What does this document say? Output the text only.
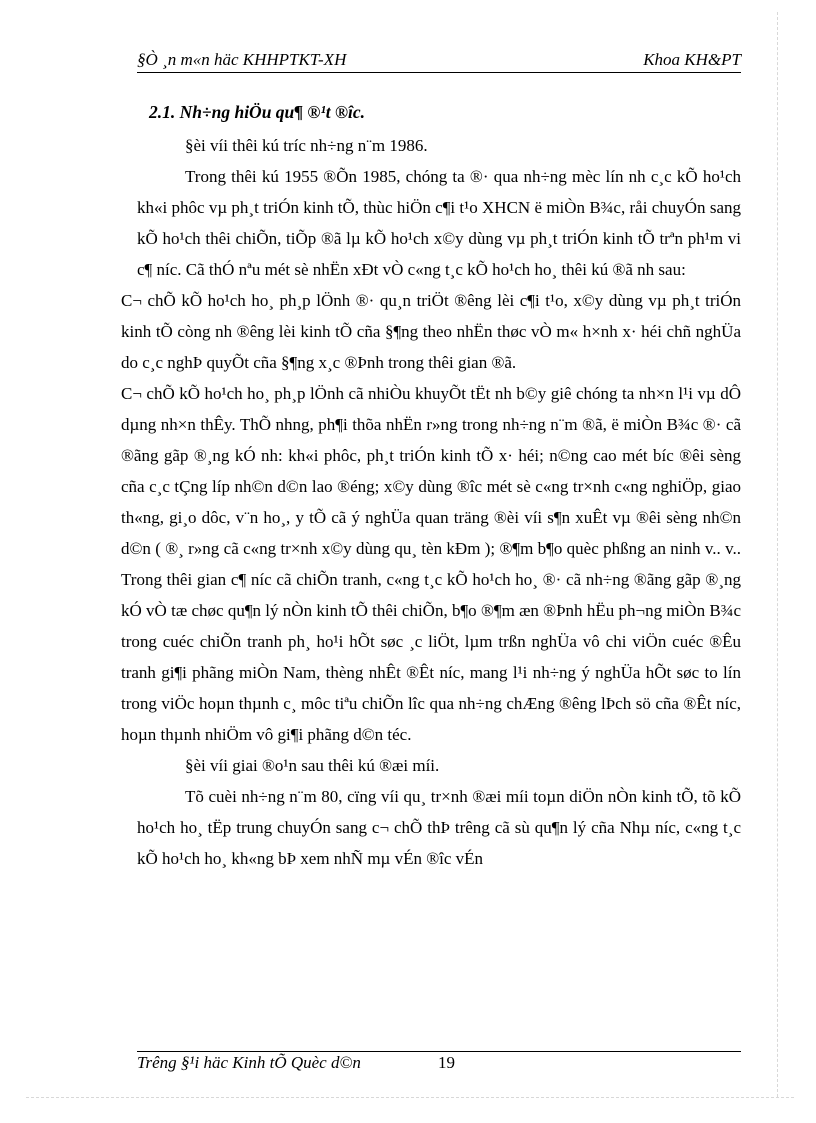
§Ò ¸n m«n häc KHHPTKT-XH	Khoa KH&PT
2.1. Nh÷ng hiÖu qu¶ ®¹t ®îc.

§èi víi thêi kú tríc nh÷ng n¨m 1986.

Trong thêi kú 1955 ®Õn 1985, chóng ta ®· qua nh÷ng mèc lín nh c¸c kÕ ho¹ch kh«i phôc vµ ph¸t triÓn kinh tÕ, thùc hiÖn c¶i t¹o XHCN ë miÒn B¾c, råi chuyÓn sang kÕ ho¹ch thêi chiÕn, tiÕp ®ã lµ kÕ ho¹ch x©y dùng vµ ph¸t triÓn kinh tÕ trªn ph¹m vi c¶ níc. Cã thÓ nªu mét sè nhËn xÐt vÒ c«ng t¸c kÕ ho¹ch ho¸ thêi kú ®ã nh sau:

C¬ chÕ kÕ ho¹ch ho¸ ph¸p lÖnh ®· qu¸n triÖt ®êng lèi c¶i t¹o, x©y dùng vµ ph¸t triÓn kinh tÕ còng nh ®êng lèi kinh tÕ cña §¶ng theo nhËn thøc vÒ m« h×nh x· héi chñ nghÜa do c¸c nghÞ quyÕt cña §¶ng x¸c ®Þnh trong thêi gian ®ã.

C¬ chÕ kÕ ho¹ch ho¸ ph¸p lÖnh cã nhiÒu khuyÕt tËt nh b©y giê chóng ta nh×n l¹i vµ dÔ dµng nh×n thÊy. ThÕ nhng, ph¶i thõa nhËn r»ng trong nh÷ng n¨m ®ã, ë miÒn B¾c ®· cã ®ãng gãp ®¸ng kÓ nh: kh«i phôc, ph¸t triÓn kinh tÕ x· héi; n©ng cao mét bíc ®êi sèng cña c¸c tÇng líp nh©n d©n lao ®éng; x©y dùng ®îc mét sè c«ng tr×nh c«ng nghiÖp, giao th«ng, gi¸o dôc, v¨n ho¸, y tÕ cã ý nghÜa quan träng ®èi víi s¶n xuÊt vµ ®êi sèng nh©n d©n ( ®¸ r»ng cã c«ng tr×nh x©y dùng qu¸ tèn kÐm ); ®¶m b¶o quèc phßng an ninh v.. v.. Trong thêi gian c¶ níc cã chiÕn tranh, c«ng t¸c kÕ ho¹ch ho¸ ®· cã nh÷ng ®ãng gãp ®¸ng kÓ vÒ tæ chøc qu¶n lý nÒn kinh tÕ thêi chiÕn, b¶o ®¶m æn ®Þnh hËu ph¬ng miÒn B¾c trong cuéc chiÕn tranh ph¸ ho¹i hÕt søc ¸c liÖt, lµm trßn nghÜa vô chi viÖn cuéc ®Êu tranh gi¶i phãng miÒn Nam, thèng nhÊt ®Êt níc, mang l¹i nh÷ng ý nghÜa hÕt søc to lín trong viÖc hoµn thµnh c¸ môc tiªu chiÕn lîc qua nh÷ng chÆng ®êng lÞch sö cña ®Êt níc, hoµn thµnh nhiÖm vô gi¶i phãng d©n téc.

§èi víi giai ®o¹n sau thêi kú ®æi míi.

Tõ cuèi nh÷ng n¨m 80, cïng víi qu¸ tr×nh ®æi míi toµn diÖn nÒn kinh tÕ, tõ kÕ ho¹ch ho¸ tËp trung chuyÓn sang c¬ chÕ thÞ trêng cã sù qu¶n lý cña Nhµ níc, c«ng t¸c kÕ ho¹ch ho¸ kh«ng bÞ xem nhÑ mµ vÉn ®îc vÉn

Trêng §¹i häc Kinh tÕ Quèc d©n	19
